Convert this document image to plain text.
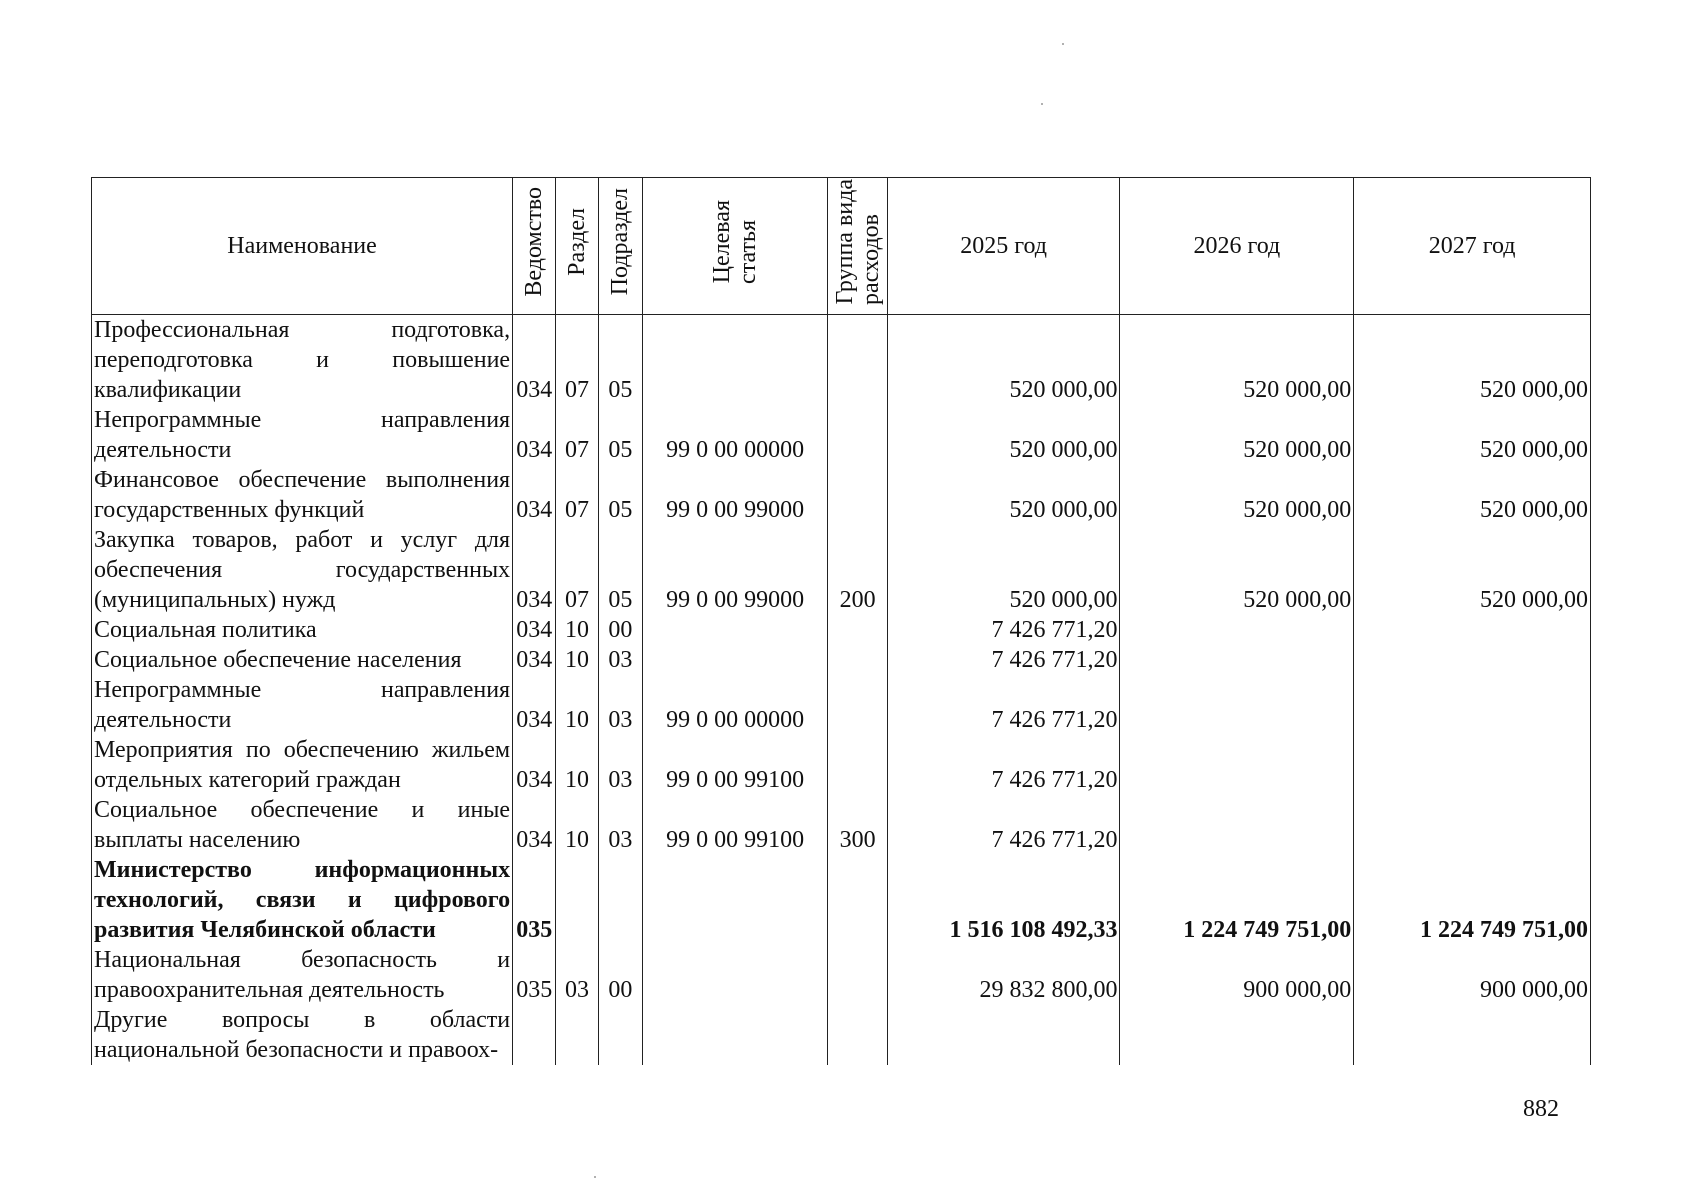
Наименование	Ведомство	Раздел	Подраздел	Целеваястатья	Группа видарасходов	2025 год	2026 год	2027 год
Профессиональная подготовка, переподготовка и повышение квалификации	034	07	05			520 000,00	520 000,00	520 000,00
Непрограммные направления деятельности	034	07	05	99 0 00 00000		520 000,00	520 000,00	520 000,00
Финансовое обеспечение выполнения государственных функций	034	07	05	99 0 00 99000		520 000,00	520 000,00	520 000,00
Закупка товаров, работ и услуг для обеспечения государственных (муниципальных) нужд	034	07	05	99 0 00 99000	200	520 000,00	520 000,00	520 000,00
Социальная политика	034	10	00			7 426 771,20		
Социальное обеспечение населения	034	10	03			7 426 771,20		
Непрограммные направления деятельности	034	10	03	99 0 00 00000		7 426 771,20		
Мероприятия по обеспечению жильем отдельных категорий граждан	034	10	03	99 0 00 99100		7 426 771,20		
Социальное обеспечение и иные выплаты населению	034	10	03	99 0 00 99100	300	7 426 771,20		
Министерство информационных технологий, связи и цифрового развития Челябинской области	035					1 516 108 492,33	1 224 749 751,00	1 224 749 751,00
Национальная безопасность и правоохранительная деятельность	035	03	00			29 832 800,00	900 000,00	900 000,00
Другие вопросы в области национальной безопасности и правоох-								
882
